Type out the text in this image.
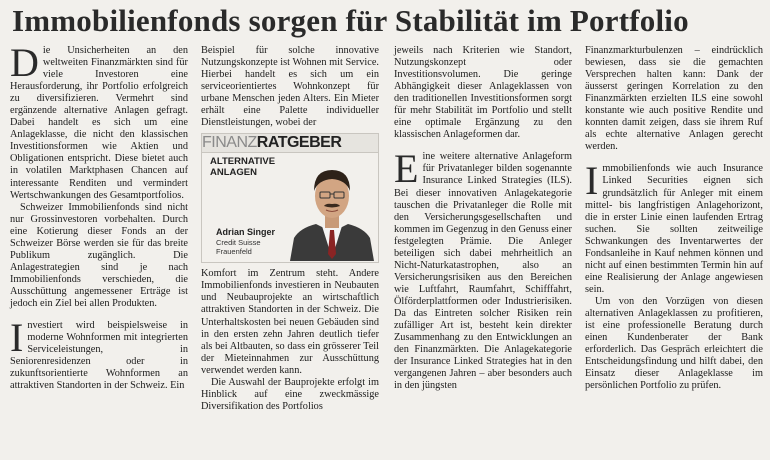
Immobilienfonds sorgen für Stabilität im Portfolio

Die Unsicherheiten an den weltweiten Finanzmärkten sind für viele Investoren eine Herausforderung, ihr Portfolio erfolgreich zu diversifizieren. Vermehrt sind ergänzende alternative Anlagen gefragt. Dabei handelt es sich um eine Anlageklasse, die nicht den klassischen Investitionsformen wie Aktien und Obligationen entspricht. Diese bietet auch in volatilen Marktphasen Chancen auf interessante Renditen und vermindert Wertschwankungen des Gesamtportfolios.

Schweizer Immobilienfonds sind nicht nur Grossinvestoren vorbehalten. Durch eine Kotierung dieser Fonds an der Schweizer Börse werden sie für das breite Publikum zugänglich. Die Anlagestrategien sind je nach Immobilienfonds verschieden, die Ausschüttung angemessener Erträge ist jedoch ein Ziel bei allen Produkten.

Investiert wird beispielsweise in moderne Wohnformen mit integrierten Serviceleistungen, in Seniorenresidenzen oder in zukunftsorientierte Wohnformen an attraktiven Standorten in der Schweiz. Ein

Beispiel für solche innovative Nutzungskonzepte ist Wohnen mit Service. Hierbei handelt es sich um ein serviceorientiertes Wohnkonzept für urbane Menschen jeden Alters. Ein Mieter erhält eine Palette individueller Dienstleistungen, wobei der

FINANZRATGEBER
ALTERNATIVE ANLAGEN
Adrian Singer
Credit Suisse
Frauenfeld

Komfort im Zentrum steht. Andere Immobilienfonds investieren in Neubauten und Neubauprojekte an wirtschaftlich attraktiven Standorten in der Schweiz. Die Unterhaltskosten bei neuen Gebäuden sind in den ersten zehn Jahren deutlich tiefer als bei Altbauten, so dass ein grösserer Teil der Mieteinnahmen zur Ausschüttung verwendet werden kann.

Die Auswahl der Bauprojekte erfolgt im Hinblick auf eine zweckmässige Diversifikation des Portfolios

jeweils nach Kriterien wie Standort, Nutzungskonzept oder Investitionsvolumen. Die geringe Abhängigkeit dieser Anlageklassen von den traditionellen Investitionsformen sorgt für mehr Stabilität im Portfolio und stellt eine optimale Ergänzung zu den klassischen Anlageformen dar.

Eine weitere alternative Anlageform für Privatanleger bilden sogenannte Insurance Linked Strategies (ILS). Bei dieser innovativen Anlagekategorie tauschen die Privatanleger die Rolle mit den Versicherungsgesellschaften und kommen im Gegenzug in den Genuss einer festgelegten Prämie. Die Anleger beteiligen sich dabei mehrheitlich an Nicht-Naturkatastrophen, also an Versicherungsrisiken aus den Bereichen wie Luftfahrt, Raumfahrt, Schifffahrt, Ölförderplattformen oder Industrierisiken. Da das Eintreten solcher Risiken rein zufälliger Art ist, besteht kein direkter Zusammenhang zu den Entwicklungen an den Finanzmärkten. Die Anlagekategorie der Insurance Linked Strategies hat in den vergangenen Jahren – aber besonders auch in den jüngsten

Finanzmarkturbulenzen – eindrücklich bewiesen, dass sie die gemachten Versprechen halten kann: Dank der äusserst geringen Korrelation zu den Finanzmärkten erzielten ILS eine sowohl konstante wie auch positive Rendite und konnten damit zeigen, dass sie ihrem Ruf als echte alternative Anlagen gerecht werden.

Immobilienfonds wie auch Insurance Linked Securities eignen sich grundsätzlich für Anleger mit einem mittel- bis langfristigen Anlagehorizont, die in erster Linie einen laufenden Ertrag suchen. Sie sollten zeitweilige Schwankungen des Inventarwertes der Fondsanleihe in Kauf nehmen können und nicht auf einen bestimmten Termin hin auf eine Realisierung der Anlage angewiesen sein.

Um von den Vorzügen von diesen alternativen Anlageklassen zu profitieren, ist eine professionelle Beratung durch einen Kundenberater der Bank erforderlich. Das Gespräch erleichtert die Entscheidungsfindung und hilft dabei, den Einsatz dieser Anlageklasse im persönlichen Portfolio zu prüfen.
